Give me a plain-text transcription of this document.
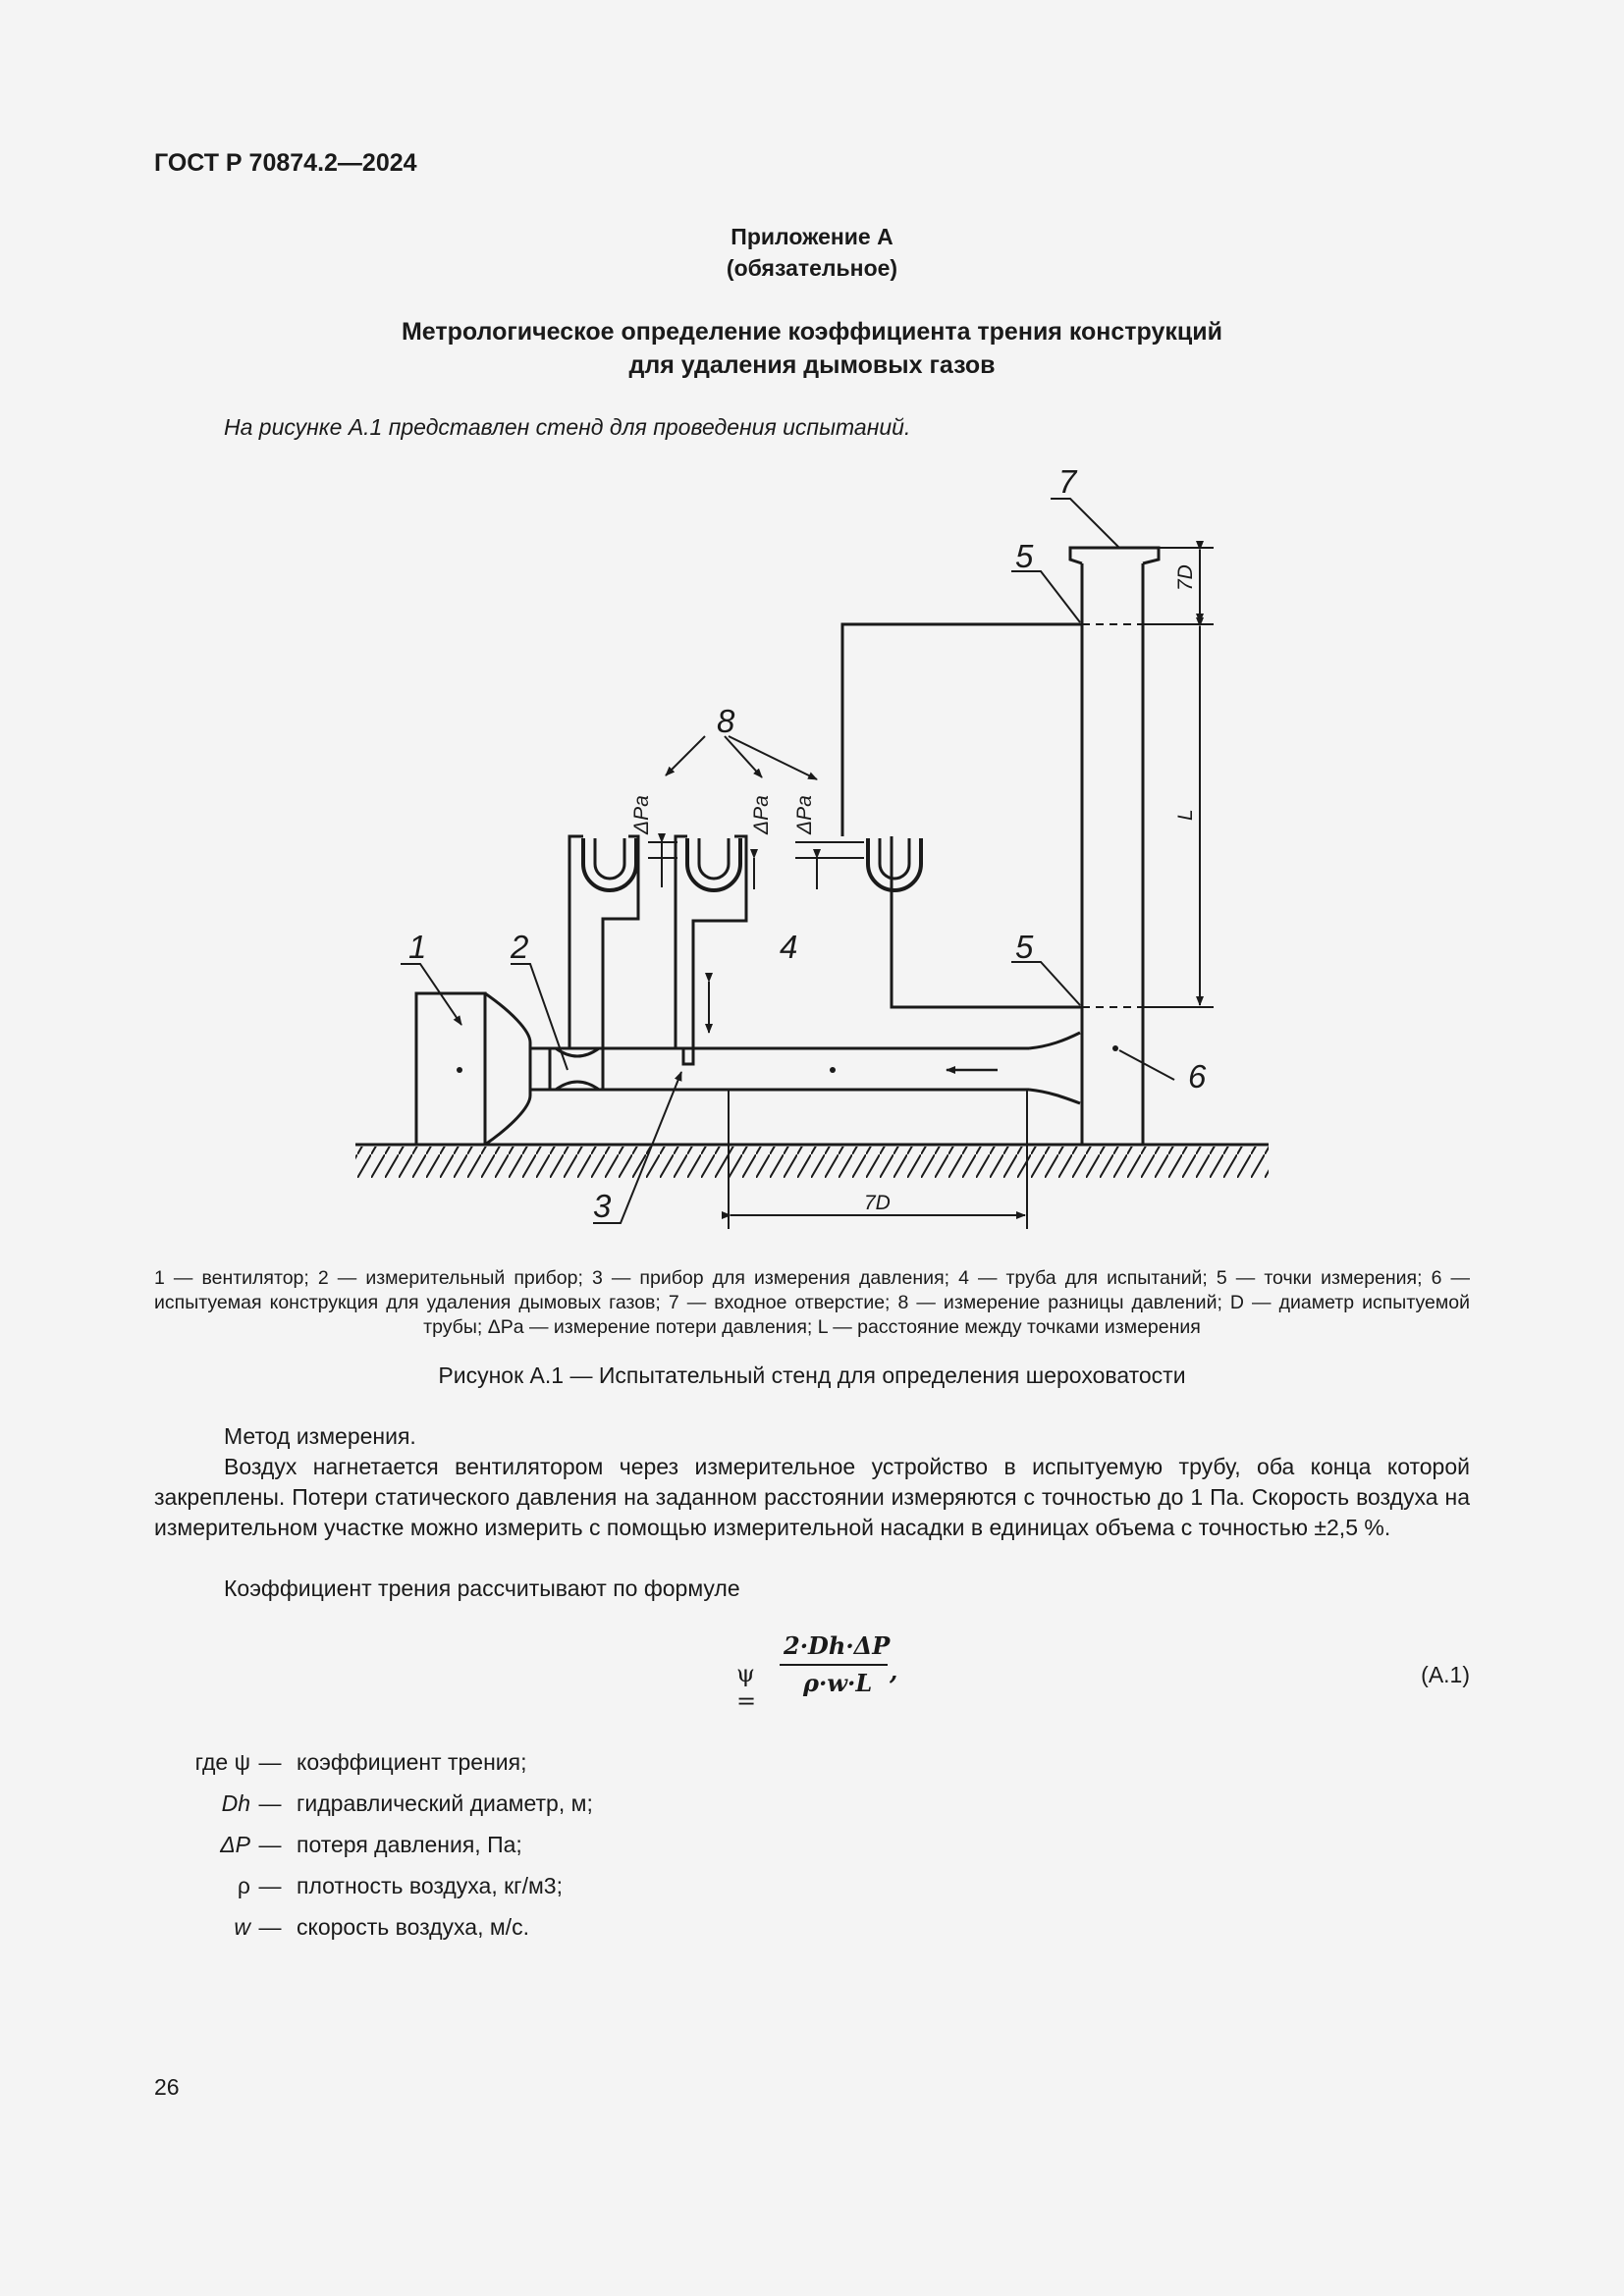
ГОСТ Р 70874.2—2024
Приложение А
(обязательное)
Метрологическое определение коэффициента трения конструкций
для удаления дымовых газов
На рисунке А.1 представлен стенд для проведения испытаний.
1	2
3
4
5
5
6
7
8
7D
L
7D
ΔPa	ΔPa ΔPa
1 — вентилятор; 2 — измерительный прибор; 3 — прибор для измерения давления; 4 — труба для испытаний; 5 — точки измерения; 6 — испытуемая конструкция для удаления дымовых газов; 7 — входное отверстие; 8 — измерение разницы давлений; D — диаметр испытуемой трубы; ΔPa — измерение потери давления; L — расстояние между точками измерения
Рисунок А.1 — Испытательный стенд для определения шероховатости
Метод измерения.
Воздух нагнетается вентилятором через измерительное устройство в испытуемую трубу, оба конца которой закреплены. Потери статического давления на заданном расстоянии измеряются с точностью до 1 Па. Скорость воздуха на измерительном участке можно измерить с помощью измерительной насадки в единицах объема с точностью ±2,5 %.
Коэффициент трения рассчитывают по формуле
ψ =
2·Dh·ΔP
ρ·w·L ,	(А.1)
где ψ — коэффициент трения;
Dh — гидравлический диаметр, м;
ΔP — потеря давления, Па;
ρ — плотность воздуха, кг/м3;
w — скорость воздуха, м/с.
26
